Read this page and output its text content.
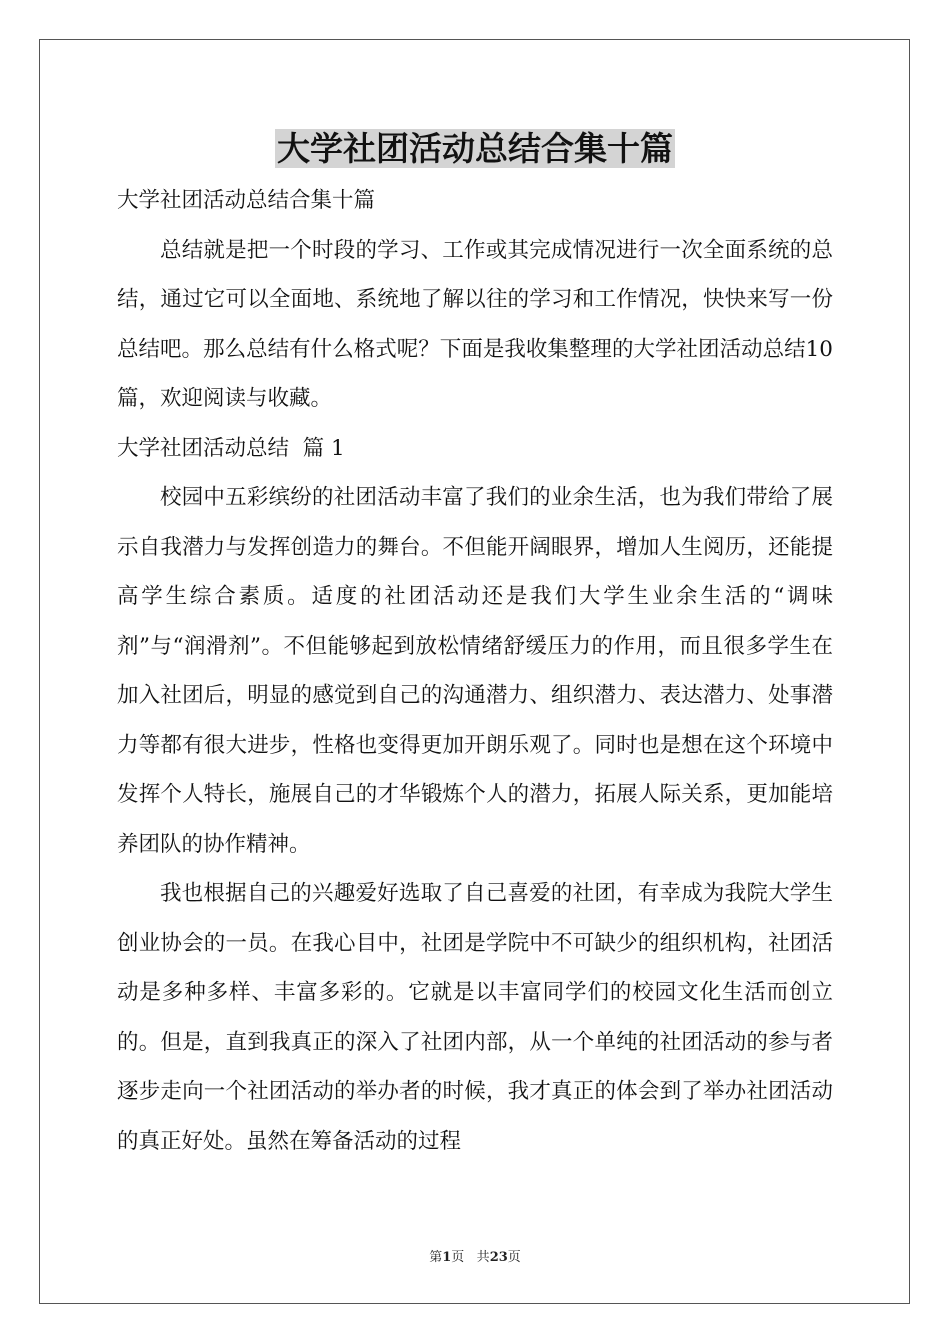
大学社团活动总结合集十篇

大学社团活动总结合集十篇

总结就是把一个时段的学习、工作或其完成情况进行一次全面系统的总结，通过它可以全面地、系统地了解以往的学习和工作情况，快快来写一份总结吧。那么总结有什么格式呢？下面是我收集整理的大学社团活动总结10篇，欢迎阅读与收藏。

大学社团活动总结  篇 1

校园中五彩缤纷的社团活动丰富了我们的业余生活，也为我们带给了展示自我潜力与发挥创造力的舞台。不但能开阔眼界，增加人生阅历，还能提高学生综合素质。适度的社团活动还是我们大学生业余生活的“调味剂”与“润滑剂”。不但能够起到放松情绪舒缓压力的作用，而且很多学生在加入社团后，明显的感觉到自己的沟通潜力、组织潜力、表达潜力、处事潜力等都有很大进步，性格也变得更加开朗乐观了。同时也是想在这个环境中发挥个人特长，施展自己的才华锻炼个人的潜力，拓展人际关系，更加能培养团队的协作精神。

我也根据自己的兴趣爱好选取了自己喜爱的社团，有幸成为我院大学生创业协会的一员。在我心目中，社团是学院中不可缺少的组织机构，社团活动是多种多样、丰富多彩的。它就是以丰富同学们的校园文化生活而创立的。但是，直到我真正的深入了社团内部，从一个单纯的社团活动的参与者逐步走向一个社团活动的举办者的时候，我才真正的体会到了举办社团活动的真正好处。虽然在筹备活动的过程

第1页 共23页
